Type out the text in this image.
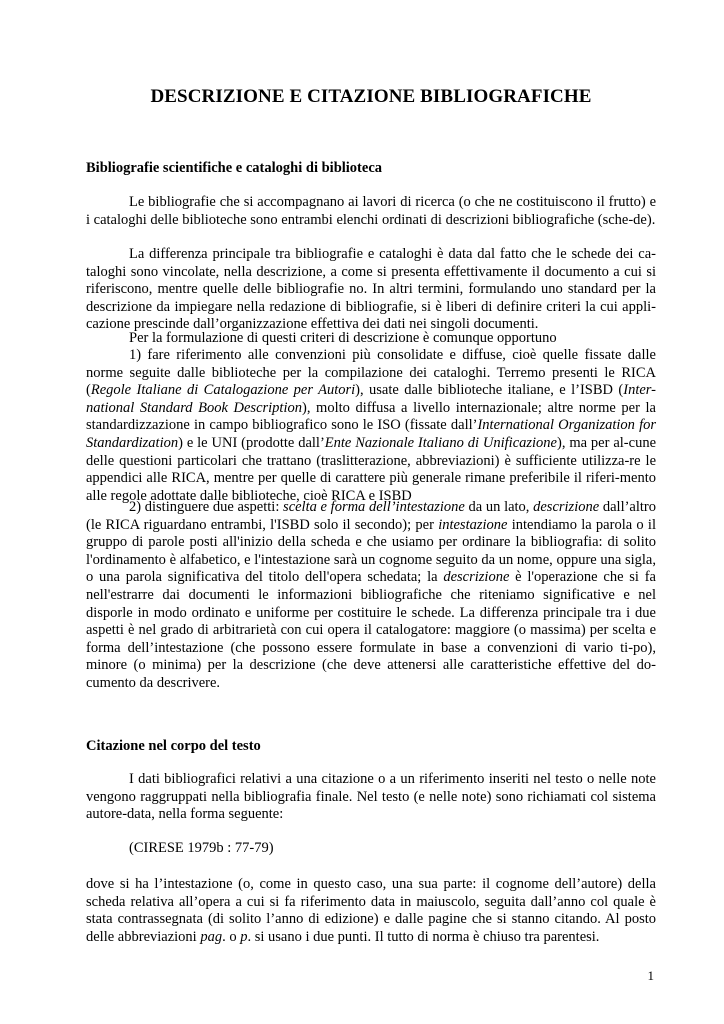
DESCRIZIONE E CITAZIONE BIBLIOGRAFICHE
Bibliografie scientifiche e cataloghi di biblioteca

Le bibliografie che si accompagnano ai lavori di ricerca (o che ne costituiscono il frutto) e i cataloghi delle biblioteche sono entrambi elenchi ordinati di descrizioni bibliografiche (sche-de).

La differenza principale tra bibliografie e cataloghi è data dal fatto che le schede dei ca-taloghi sono vincolate, nella descrizione, a come si presenta effettivamente il documento a cui si riferiscono, mentre quelle delle bibliografie no. In altri termini, formulando uno standard per la descrizione da impiegare nella redazione di bibliografie, si è liberi di definire criteri la cui appli-cazione prescinde dall’organizzazione effettiva dei dati nei singoli documenti.

Per la formulazione di questi criteri di descrizione è comunque opportuno

1) fare riferimento alle convenzioni più consolidate e diffuse, cioè quelle fissate dalle norme seguite dalle biblioteche per la compilazione dei cataloghi. Terremo presenti le RICA (Regole Italiane di Catalogazione per Autori), usate dalle biblioteche italiane, e l’ISBD (Inter-national Standard Book Description), molto diffusa a livello internazionale; altre norme per la standardizzazione in campo bibliografico sono le ISO (fissate dall’International Organization for Standardization) e le UNI (prodotte dall’Ente Nazionale Italiano di Unificazione), ma per al-cune delle questioni particolari che trattano (traslitterazione, abbreviazioni) è sufficiente utilizza-re le appendici alle RICA, mentre per quelle di carattere più generale rimane preferibile il riferi-mento alle regole adottate dalle biblioteche, cioè RICA e ISBD

2) distinguere due aspetti: scelta e forma dell’intestazione da un lato, descrizione dall’altro (le RICA riguardano entrambi, l'ISBD solo il secondo); per intestazione intendiamo la parola o il gruppo di parole posti all'inizio della scheda e che usiamo per ordinare la bibliografia: di solito l'ordinamento è alfabetico, e l'intestazione sarà un cognome seguito da un nome, oppure una sigla, o una parola significativa del titolo dell'opera schedata; la descrizione è l'operazione che si fa nell'estrarre dai documenti le informazioni bibliografiche che riteniamo significative e nel disporle in modo ordinato e uniforme per costituire le schede. La differenza principale tra i due aspetti è nel grado di arbitrarietà con cui opera il catalogatore: maggiore (o massima) per scelta e forma dell’intestazione (che possono essere formulate in base a convenzioni di vario ti-po), minore (o minima) per la descrizione (che deve attenersi alle caratteristiche effettive del do-cumento da descrivere.

Citazione nel corpo del testo

I dati bibliografici relativi a una citazione o a un riferimento inseriti nel testo o nelle note vengono raggruppati nella bibliografia finale. Nel testo (e nelle note) sono richiamati col sistema autore-data, nella forma seguente:

(CIRESE 1979b : 77-79)

dove si ha l’intestazione (o, come in questo caso, una sua parte: il cognome dell’autore) della scheda relativa all’opera a cui si fa riferimento data in maiuscolo, seguita dall’anno col quale è stata contrassegnata (di solito l’anno di edizione) e dalle pagine che si stanno citando. Al posto delle abbreviazioni pag. o p. si usano i due punti. Il tutto di norma è chiuso tra parentesi.

1
